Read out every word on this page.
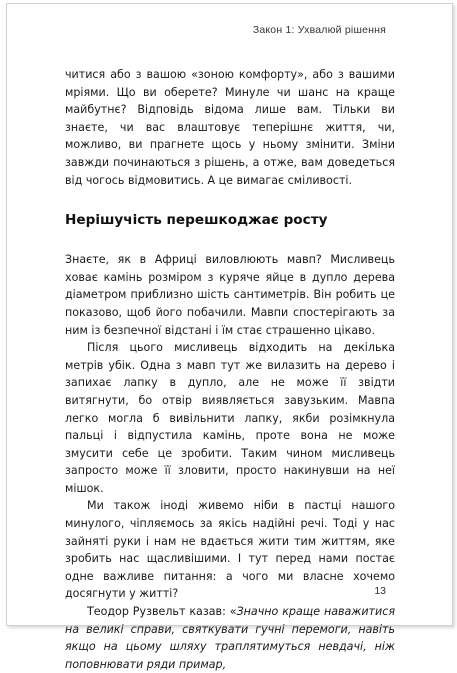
Закон 1: Ухвалюй рішення

читися або з вашою «зоною комфорту», або з вашими мріями. Що ви оберете? Минуле чи шанс на краще майбутнє? Відповідь відома лише вам. Тільки ви знаєте, чи вас влаштовує теперішнє життя, чи, можливо, ви прагнете щось у ньому змінити. Зміни завжди починаються з рішень, а отже, вам доведеться від чогось відмовитись. А це вимагає сміливості.

Нерішучість перешкоджає росту

Знаєте, як в Африці виловлюють мавп? Мисливець ховає камінь розміром з куряче яйце в дупло дерева діаметром приблизно шість сантиметрів. Він робить це показово, щоб його побачили. Мавпи спостерігають за ним із безпечної відстані і їм стає страшенно цікаво.

Після цього мисливець відходить на декілька метрів убік. Одна з мавп тут же вилазить на дерево і запихає лапку в дупло, але не може її звідти витягнути, бо отвір виявляється завузьким. Мавпа легко могла б вивільнити лапку, якби розімкнула пальці і відпустила камінь, проте вона не може змусити себе це зробити. Таким чином мисливець запросто може її зловити, просто накинувши на неї мішок.

Ми також іноді живемо ніби в пастці нашого минулого, чіпляємось за якісь надійні речі. Тоді у нас зайняті руки і нам не вдається жити тим життям, яке зробить нас щасливішими. І тут перед нами постає одне важливе питання: а чого ми власне хочемо досягнути у житті?

Теодор Рузвельт казав: «Значно краще наважитися на великі справи, святкувати гучні перемоги, навіть якщо на цьому шляху траплятимуться невдачі, ніж поповнювати ряди примар,

13
